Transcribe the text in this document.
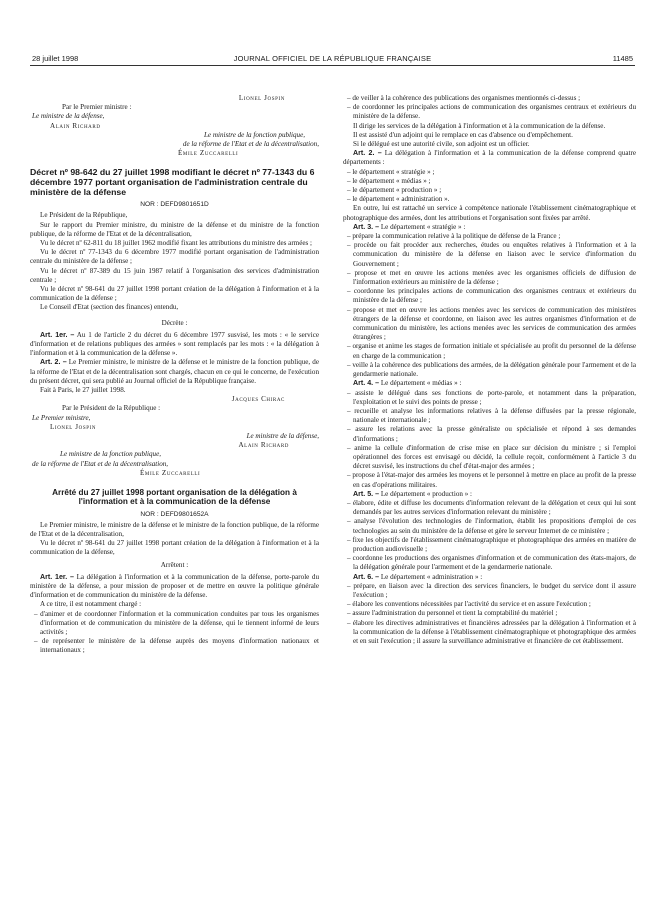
28 juillet 1998	JOURNAL OFFICIEL DE LA RÉPUBLIQUE FRANÇAISE	11485

Lionel Jospin

Par le Premier ministre :

Le ministre de la défense,

Alain Richard

Le ministre de la fonction publique,

de la réforme de l'Etat et de la décentralisation,

Émile Zuccarelli

Décret nº 98-642 du 27 juillet 1998 modifiant le décret nº 77-1343 du 6 décembre 1977 portant organisation de l'administration centrale du ministère de la défense

NOR : DEFD9801651D

Le Président de la République,

Sur le rapport du Premier ministre, du ministre de la défense et du ministre de la fonction publique, de la réforme de l'Etat et de la décentralisation,

Vu le décret nº 62-811 du 18 juillet 1962 modifié fixant les attributions du ministre des armées ;

Vu le décret nº 77-1343 du 6 décembre 1977 modifié portant organisation de l'administration centrale du ministère de la défense ;

Vu le décret nº 87-389 du 15 juin 1987 relatif à l'organisation des services d'administration centrale ;

Vu le décret nº 98-641 du 27 juillet 1998 portant création de la délégation à l'information et à la communication de la défense ;

Le Conseil d'Etat (section des finances) entendu,

Décrète :

Art. 1er. – Au 1 de l'article 2 du décret du 6 décembre 1977 susvisé, les mots : « le service d'information et de relations publiques des armées » sont remplacés par les mots : « la délégation à l'information et à la communication de la défense ».

Art. 2. – Le Premier ministre, le ministre de la défense et le ministre de la fonction publique, de la réforme de l'Etat et de la décentralisation sont chargés, chacun en ce qui le concerne, de l'exécution du présent décret, qui sera publié au Journal officiel de la République française.

Fait à Paris, le 27 juillet 1998.

Jacques Chirac

Par le Président de la République :

Le Premier ministre,

Lionel Jospin

Le ministre de la défense,

Alain Richard

Le ministre de la fonction publique,

de la réforme de l'Etat et de la décentralisation,

Émile Zuccarelli

Arrêté du 27 juillet 1998 portant organisation de la délégation à l'information et à la communication de la défense

NOR : DEFD9801652A

Le Premier ministre, le ministre de la défense et le ministre de la fonction publique, de la réforme de l'Etat et de la décentralisation,

Vu le décret nº 98-641 du 27 juillet 1998 portant création de la délégation à l'information et à la communication de la défense,

Arrêtent :

Art. 1er. – La délégation à l'information et à la communication de la défense, porte-parole du ministère de la défense, a pour mission de proposer et de mettre en œuvre la politique générale d'information et de communication du ministère de la défense.

A ce titre, il est notamment chargé :

– d'animer et de coordonner l'information et la communication conduites par tous les organismes d'information et de communication du ministère de la défense, qui le tiennent informé de leurs activités ;

– de représenter le ministère de la défense auprès des moyens d'information nationaux et internationaux ;

– de veiller à la cohérence des publications des organismes mentionnés ci-dessus ;

– de coordonner les principales actions de communication des organismes centraux et extérieurs du ministère de la défense.

Il dirige les services de la délégation à l'information et à la communication de la défense.

Il est assisté d'un adjoint qui le remplace en cas d'absence ou d'empêchement.

Si le délégué est une autorité civile, son adjoint est un officier.

Art. 2. – La délégation à l'information et à la communication de la défense comprend quatre départements :

– le département « stratégie » ;

– le département « médias » ;

– le département « production » ;

– le département « administration ».

En outre, lui est rattaché un service à compétence nationale l'établissement cinématographique et photographique des armées, dont les attributions et l'organisation sont fixées par arrêté.

Art. 3. – Le département « stratégie » :

– prépare la communication relative à la politique de défense de la France ;

– procède ou fait procéder aux recherches, études ou enquêtes relatives à l'information et à la communication du ministère de la défense en liaison avec le service d'information du Gouvernement ;

– propose et met en œuvre les actions menées avec les organismes officiels de diffusion de l'information extérieurs au ministère de la défense ;

– coordonne les principales actions de communication des organismes centraux et extérieurs du ministère de la défense ;

– propose et met en œuvre les actions menées avec les services de communication des ministères étrangers de la défense et coordonne, en liaison avec les autres organismes d'information et de communication du ministère, les actions menées avec les services de communication des armées étrangères ;

– organise et anime les stages de formation initiale et spécialisée au profit du personnel de la défense en charge de la communication ;

– veille à la cohérence des publications des armées, de la délégation générale pour l'armement et de la gendarmerie nationale.

Art. 4. – Le département « médias » :

– assiste le délégué dans ses fonctions de porte-parole, et notamment dans la préparation, l'exploitation et le suivi des points de presse ;

– recueille et analyse les informations relatives à la défense diffusées par la presse régionale, nationale et internationale ;

– assure les relations avec la presse généraliste ou spécialisée et répond à ses demandes d'informations ;

– anime la cellule d'information de crise mise en place sur décision du ministre ; si l'emploi opérationnel des forces est envisagé ou décidé, la cellule reçoit, conformément à l'article 3 du décret susvisé, les instructions du chef d'état-major des armées ;

– propose à l'état-major des armées les moyens et le personnel à mettre en place au profit de la presse en cas d'opérations militaires.

Art. 5. – Le département « production » :

– élabore, édite et diffuse les documents d'information relevant de la délégation et ceux qui lui sont demandés par les autres services d'information relevant du ministère ;

– analyse l'évolution des technologies de l'information, établit les propositions d'emploi de ces technologies au sein du ministère de la défense et gère le serveur Internet de ce ministère ;

– fixe les objectifs de l'établissement cinématographique et photographique des armées en matière de production audiovisuelle ;

– coordonne les productions des organismes d'information et de communication des états-majors, de la délégation générale pour l'armement et de la gendarmerie nationale.

Art. 6. – Le département « administration » :

– prépare, en liaison avec la direction des services financiers, le budget du service dont il assure l'exécution ;

– élabore les conventions nécessitées par l'activité du service et en assure l'exécution ;

– assure l'administration du personnel et tient la comptabilité du matériel ;

– élabore les directives administratives et financières adressées par la délégation à l'information et à la communication de la défense à l'établissement cinématographique et photographique des armées et en suit l'exécution ; il assure la surveillance administrative et financière de cet établissement.
